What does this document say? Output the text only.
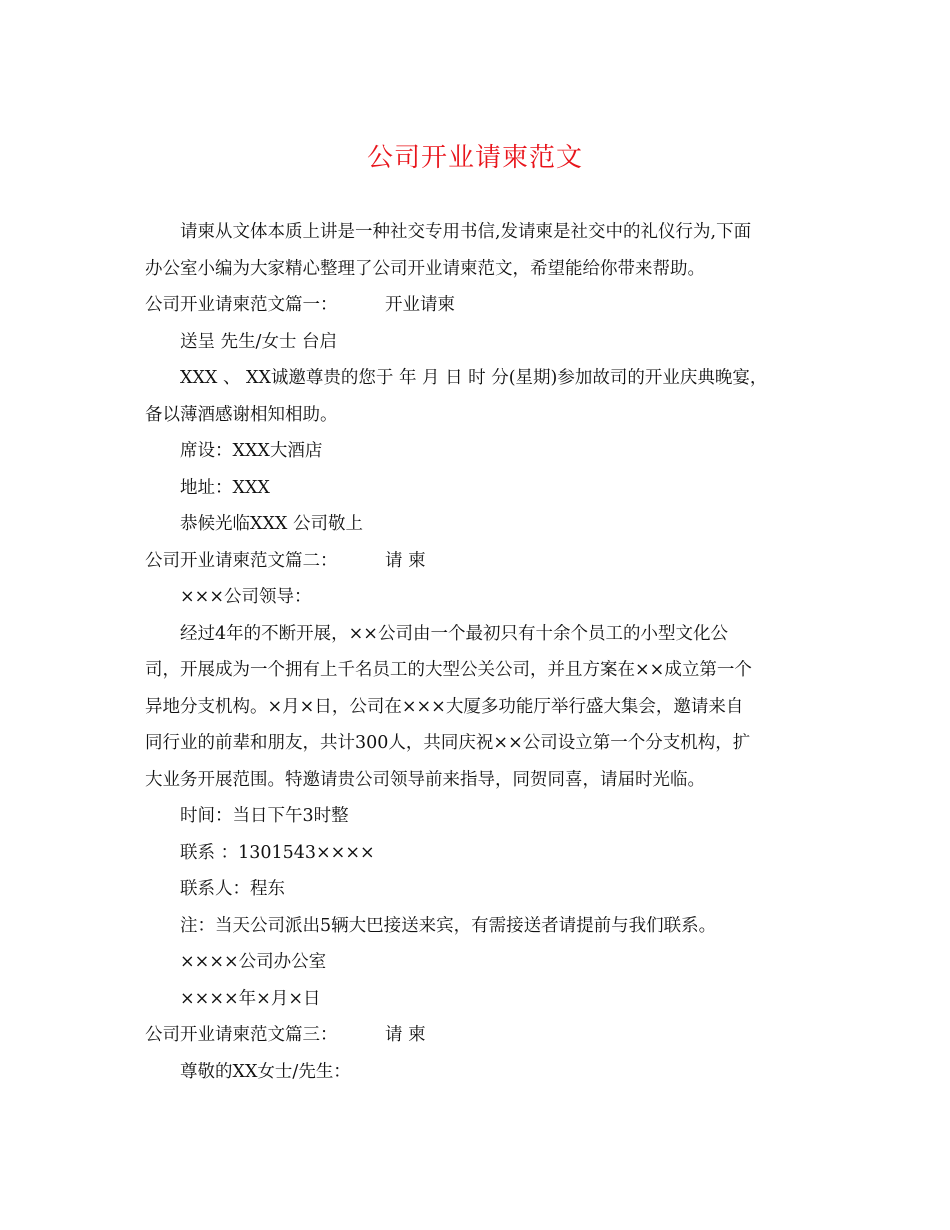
公司开业请柬范文

请柬从文体本质上讲是一种社交专用书信,发请柬是社交中的礼仪行为,下面

办公室小编为大家精心整理了公司开业请柬范文，希望能给你带来帮助。

公司开业请柬范文篇一：	开业请柬

送呈 先生/女士 台启

XXX 、 XX诚邀尊贵的您于 年 月 日 时 分(星期)参加故司的开业庆典晚宴，

备以薄酒感谢相知相助。

席设：XXX大酒店

地址：XXX

恭候光临XXX 公司敬上

公司开业请柬范文篇二：	请 柬

×××公司领导：

经过4年的不断开展，××公司由一个最初只有十余个员工的小型文化公

司，开展成为一个拥有上千名员工的大型公关公司，并且方案在××成立第一个

异地分支机构。×月×日，公司在×××大厦多功能厅举行盛大集会，邀请来自

同行业的前辈和朋友，共计300人，共同庆祝××公司设立第一个分支机构，扩

大业务开展范围。特邀请贵公司领导前来指导，同贺同喜，请届时光临。

时间：当日下午3时整

联系 ：1301543××××

联系人：程东

注：当天公司派出5辆大巴接送来宾，有需接送者请提前与我们联系。

××××公司办公室

××××年×月×日

公司开业请柬范文篇三：	请 柬

尊敬的XX女士/先生：
